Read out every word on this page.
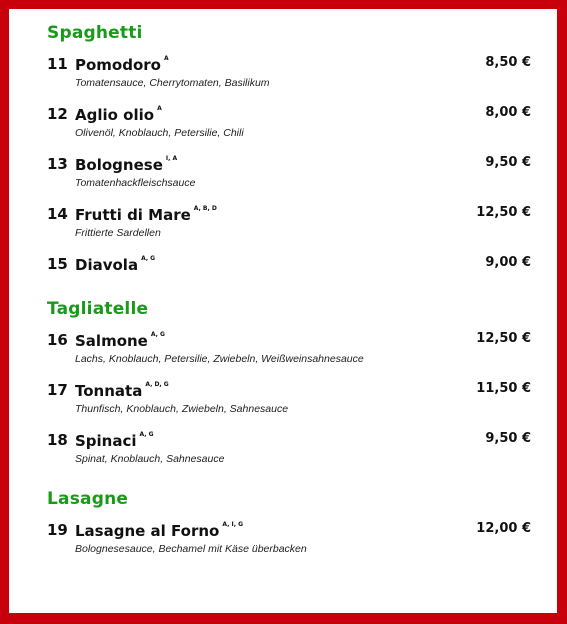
Spaghetti
11 Pomodoro $^A$	8,50 €
Tomatensauce, Cherrytomaten, Basilikum
12 Aglio olio $^A$	8,00 €
Olivenöl, Knoblauch, Petersilie, Chili
13 Bolognese $^{I, A}$	9,50 €
Tomatenhackfleischsauce
14 Frutti di Mare $^{A, B, D}$	12,50 €
Frittierte Sardellen
15 Diavola $^{A, G}$	9,00 €
Tagliatelle
16 Salmone $^{A, G}$	12,50 €
Lachs, Knoblauch, Petersilie, Zwiebeln, Weißweinsahnesauce
17 Tonnata $^{A, D, G}$	11,50 €
Thunfisch, Knoblauch, Zwiebeln, Sahnesauce
18 Spinaci $^{A, G}$	9,50 €
Spinat, Knoblauch, Sahnesauce
Lasagne
19 Lasagne al Forno $^{A, I, G}$	12,00 €
Bolognesesauce, Bechamel mit Käse überbacken
